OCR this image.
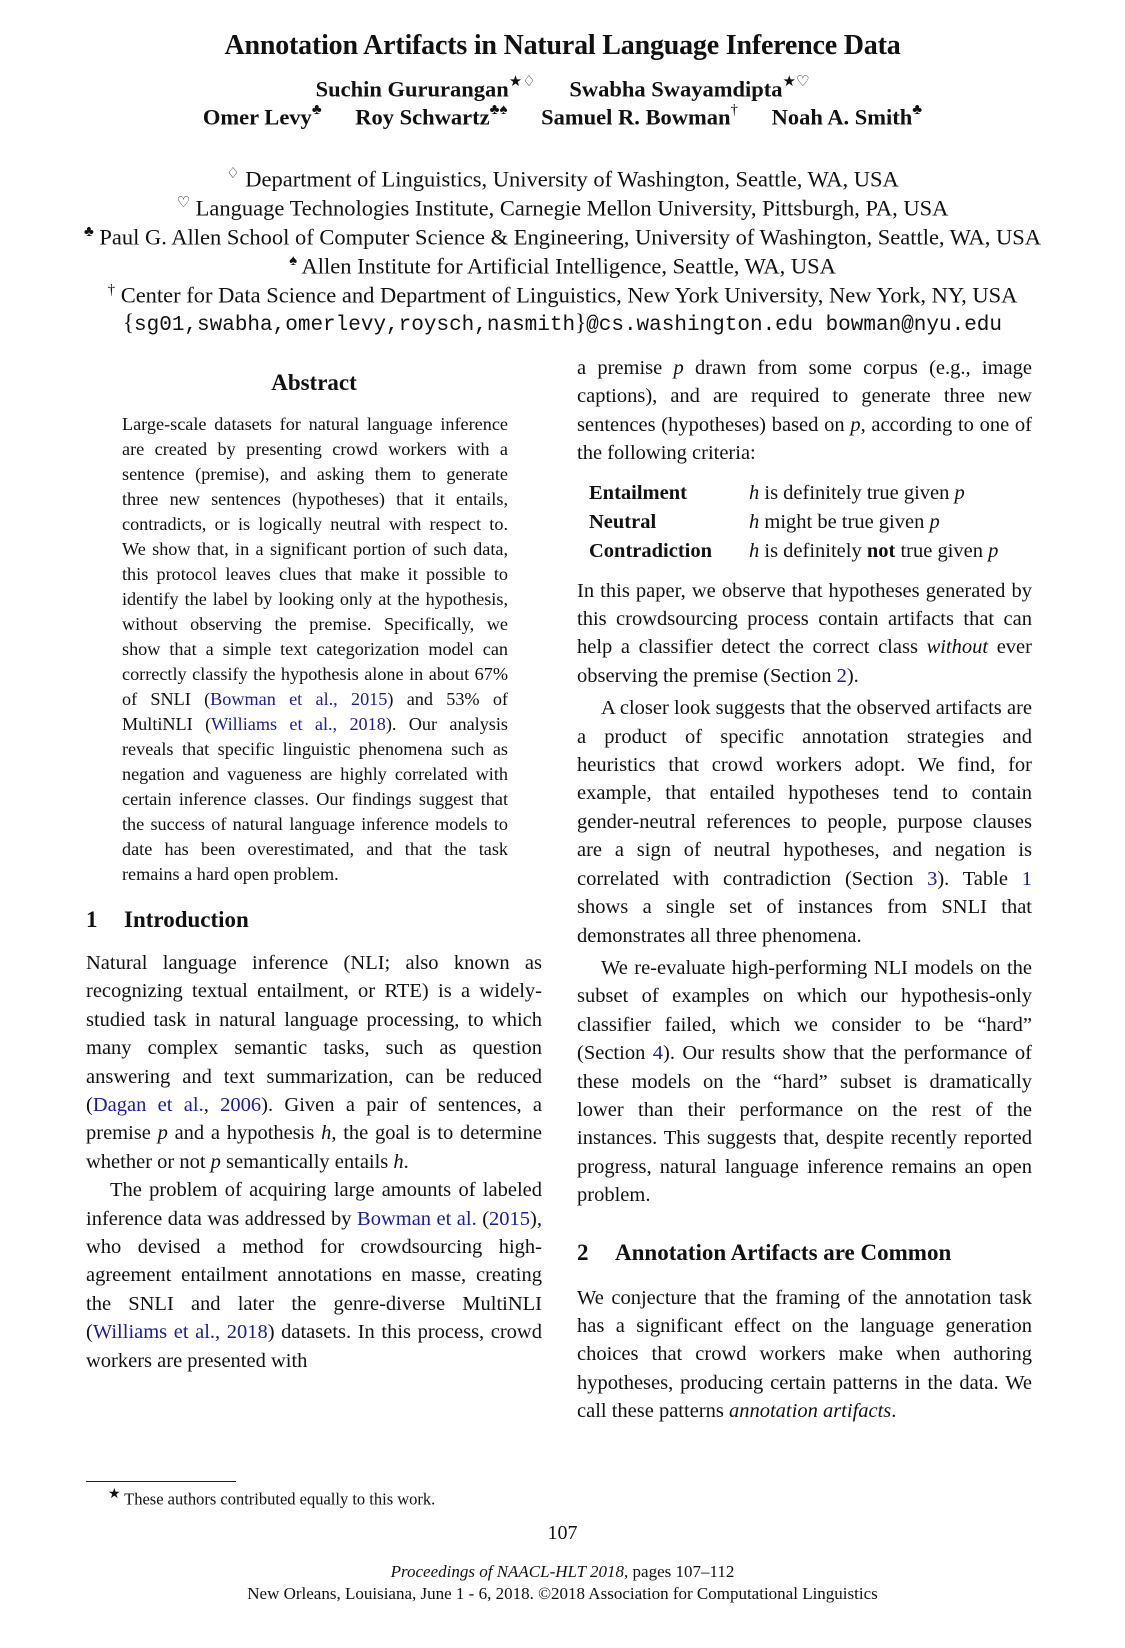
Annotation Artifacts in Natural Language Inference Data
Suchin Gururangan★♢ Swabha Swayamdipta★♡
Omer Levy♣ Roy Schwartz♣♠ Samuel R. Bowman† Noah A. Smith♣
♢ Department of Linguistics, University of Washington, Seattle, WA, USA
♡ Language Technologies Institute, Carnegie Mellon University, Pittsburgh, PA, USA
♣ Paul G. Allen School of Computer Science & Engineering, University of Washington, Seattle, WA, USA
♠ Allen Institute for Artificial Intelligence, Seattle, WA, USA
† Center for Data Science and Department of Linguistics, New York University, New York, NY, USA
{sg01,swabha,omerlevy,roysch,nasmith}@cs.washington.edu bowman@nyu.edu
Abstract
Large-scale datasets for natural language inference are created by presenting crowd workers with a sentence (premise), and asking them to generate three new sentences (hypotheses) that it entails, contradicts, or is logically neutral with respect to. We show that, in a significant portion of such data, this protocol leaves clues that make it possible to identify the label by looking only at the hypothesis, without observing the premise. Specifically, we show that a simple text categorization model can correctly classify the hypothesis alone in about 67% of SNLI (Bowman et al., 2015) and 53% of MultiNLI (Williams et al., 2018). Our analysis reveals that specific linguistic phenomena such as negation and vagueness are highly correlated with certain inference classes. Our findings suggest that the success of natural language inference models to date has been overestimated, and that the task remains a hard open problem.
1 Introduction

Natural language inference (NLI; also known as recognizing textual entailment, or RTE) is a widely-studied task in natural language processing, to which many complex semantic tasks, such as question answering and text summarization, can be reduced (Dagan et al., 2006). Given a pair of sentences, a premise p and a hypothesis h, the goal is to determine whether or not p semantically entails h.

The problem of acquiring large amounts of labeled inference data was addressed by Bowman et al. (2015), who devised a method for crowdsourcing high-agreement entailment annotations en masse, creating the SNLI and later the genre-diverse MultiNLI (Williams et al., 2018) datasets. In this process, crowd workers are presented with

a premise p drawn from some corpus (e.g., image captions), and are required to generate three new sentences (hypotheses) based on p, according to one of the following criteria:

Entailment	h is definitely true given p
Neutral	h might be true given p
Contradiction	h is definitely not true given p

In this paper, we observe that hypotheses generated by this crowdsourcing process contain artifacts that can help a classifier detect the correct class without ever observing the premise (Section 2).

A closer look suggests that the observed artifacts are a product of specific annotation strategies and heuristics that crowd workers adopt. We find, for example, that entailed hypotheses tend to contain gender-neutral references to people, purpose clauses are a sign of neutral hypotheses, and negation is correlated with contradiction (Section 3). Table 1 shows a single set of instances from SNLI that demonstrates all three phenomena.

We re-evaluate high-performing NLI models on the subset of examples on which our hypothesis-only classifier failed, which we consider to be “hard” (Section 4). Our results show that the performance of these models on the “hard” subset is dramatically lower than their performance on the rest of the instances. This suggests that, despite recently reported progress, natural language inference remains an open problem.

2 Annotation Artifacts are Common

We conjecture that the framing of the annotation task has a significant effect on the language generation choices that crowd workers make when authoring hypotheses, producing certain patterns in the data. We call these patterns annotation artifacts.

★ These authors contributed equally to this work.
107
Proceedings of NAACL-HLT 2018, pages 107–112
New Orleans, Louisiana, June 1 - 6, 2018. ©2018 Association for Computational Linguistics
